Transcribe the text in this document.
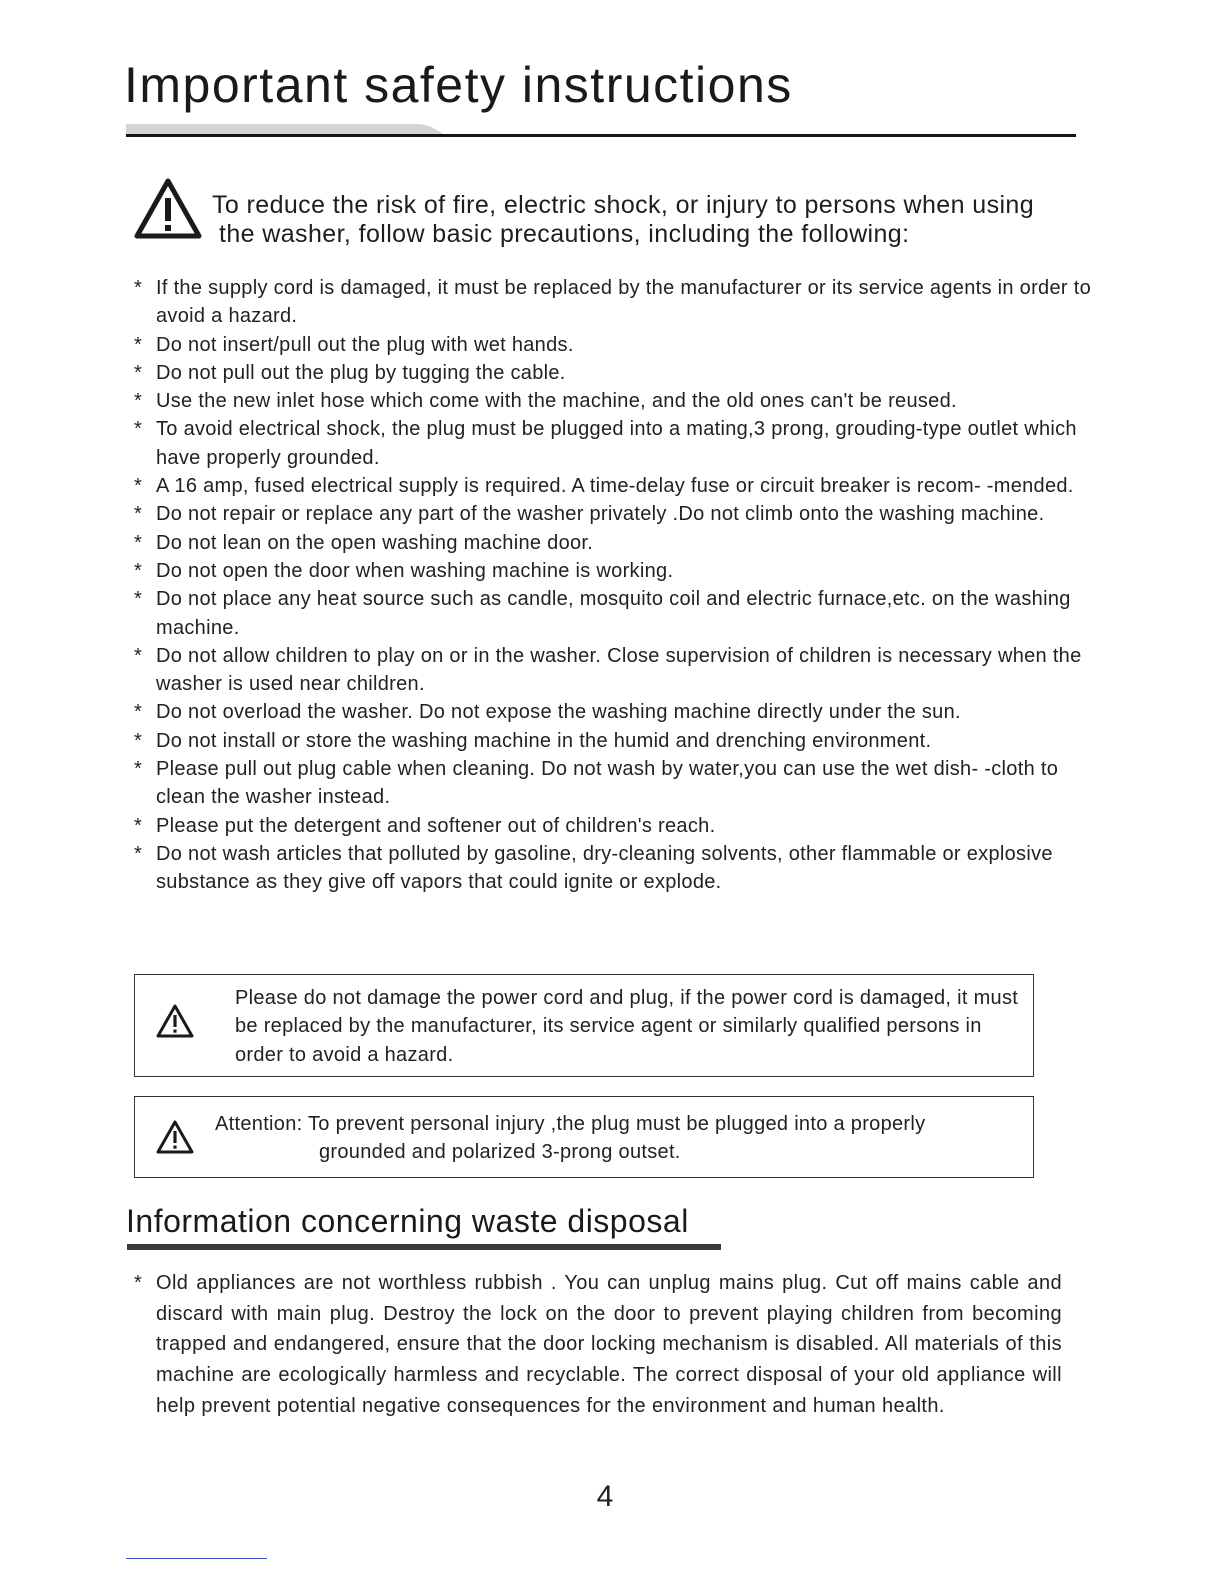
Important safety instructions
To reduce the risk of fire, electric shock, or injury to persons when using
the washer, follow basic precautions, including the following:
* If the supply cord is damaged, it must be replaced by the manufacturer or its service agents in order to avoid a hazard.
* Do not insert/pull out the plug with wet hands.
* Do not pull out the plug by tugging the cable.
* Use the new inlet hose which come with the machine, and the old ones can't be reused.
* To avoid electrical shock, the plug must be plugged into a mating,3 prong, grouding-type outlet which have properly grounded.
* A 16 amp, fused electrical supply is required. A time-delay fuse or circuit breaker is recom- -mended.
* Do not repair or replace any part of the washer privately .Do not climb onto the washing machine.
* Do not lean on the open washing machine door.
* Do not open the door when washing machine is working.
* Do not place any heat source such as candle, mosquito coil and electric furnace,etc. on the washing machine.
* Do not allow children to play on or in the washer. Close supervision of children is necessary when the washer is used near children.
* Do not overload the washer. Do not expose the washing machine directly under the sun.
* Do not install or store the washing machine in the humid and drenching environment.
* Please pull out plug cable when cleaning. Do not wash by water,you can use the wet dish- -cloth to clean the washer instead.
* Please put the detergent and softener out of children's reach.
* Do not wash articles that polluted by gasoline, dry-cleaning solvents, other flammable or explosive substance as they give off vapors that could ignite or explode.
Please do not damage the power cord and plug, if the power cord is damaged, it must be replaced by the manufacturer, its service agent or similarly qualified persons in order to avoid a hazard.
Attention: To prevent personal injury ,the plug must be plugged into a properly
grounded and polarized 3-prong outset.
Information concerning waste disposal
* Old appliances are not worthless rubbish . You can unplug mains plug. Cut off mains cable and discard with main plug. Destroy the lock on the door to prevent playing children from becoming trapped and endangered, ensure that the door locking mechanism is disabled. All materials of this machine are ecologically harmless and recyclable. The correct disposal of your old appliance will help prevent potential negative consequences for the environment and human health.
4
